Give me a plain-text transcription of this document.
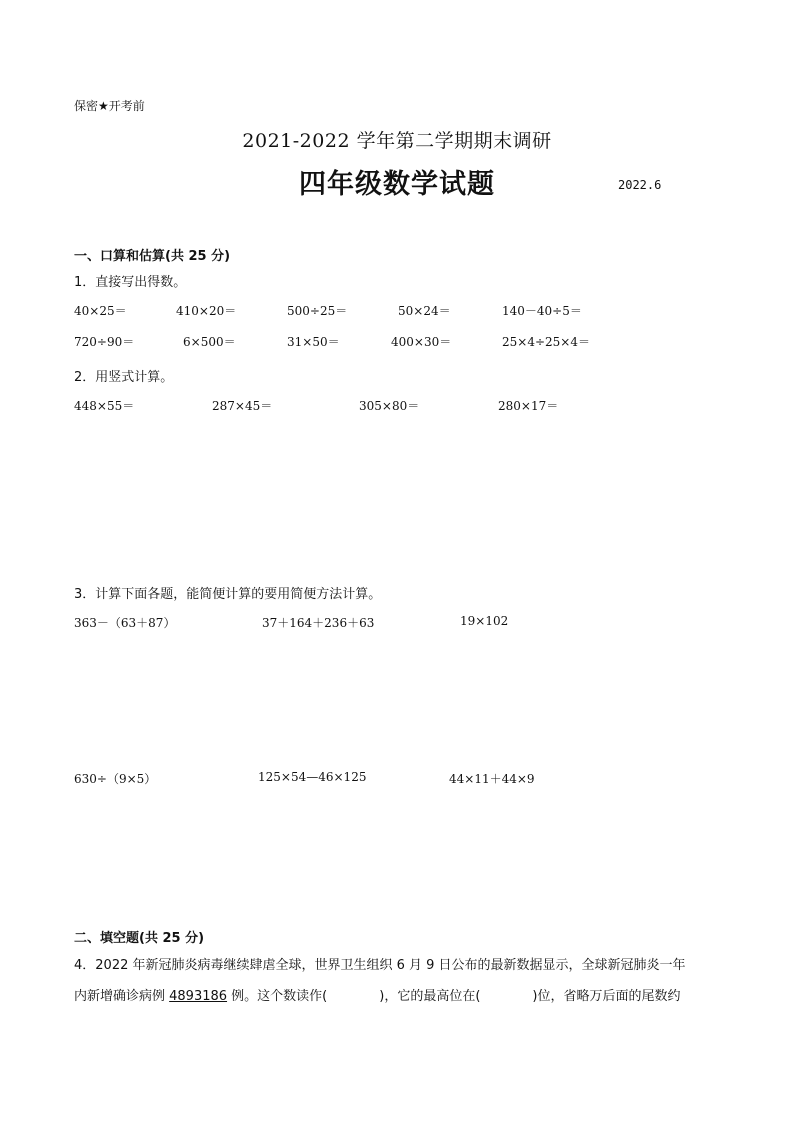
保密★开考前
2021-2022 学年第二学期期末调研
四年级数学试题	2022.6
一、口算和估算(共 25 分)
1．直接写出得数。
40×25＝	410×20＝	500÷25＝	50×24＝	140－40÷5＝
720÷90＝	6×500＝	31×50＝	400×30＝	25×4÷25×4＝
2．用竖式计算。
448×55＝	287×45＝	305×80＝	280×17＝
3．计算下面各题，能简便计算的要用简便方法计算。
363－（63＋87）	37＋164＋236＋63	19×102
630÷（9×5）	125×54—46×125	44×11＋44×9
二、填空题(共 25 分)
4．2022 年新冠肺炎病毒继续肆虐全球，世界卫生组织 6 月 9 日公布的最新数据显示，全球新冠肺炎一年
内新增确诊病例 4893186 例。这个数读作(	)，它的最高位在(	)位，省略万后面的尾数约
